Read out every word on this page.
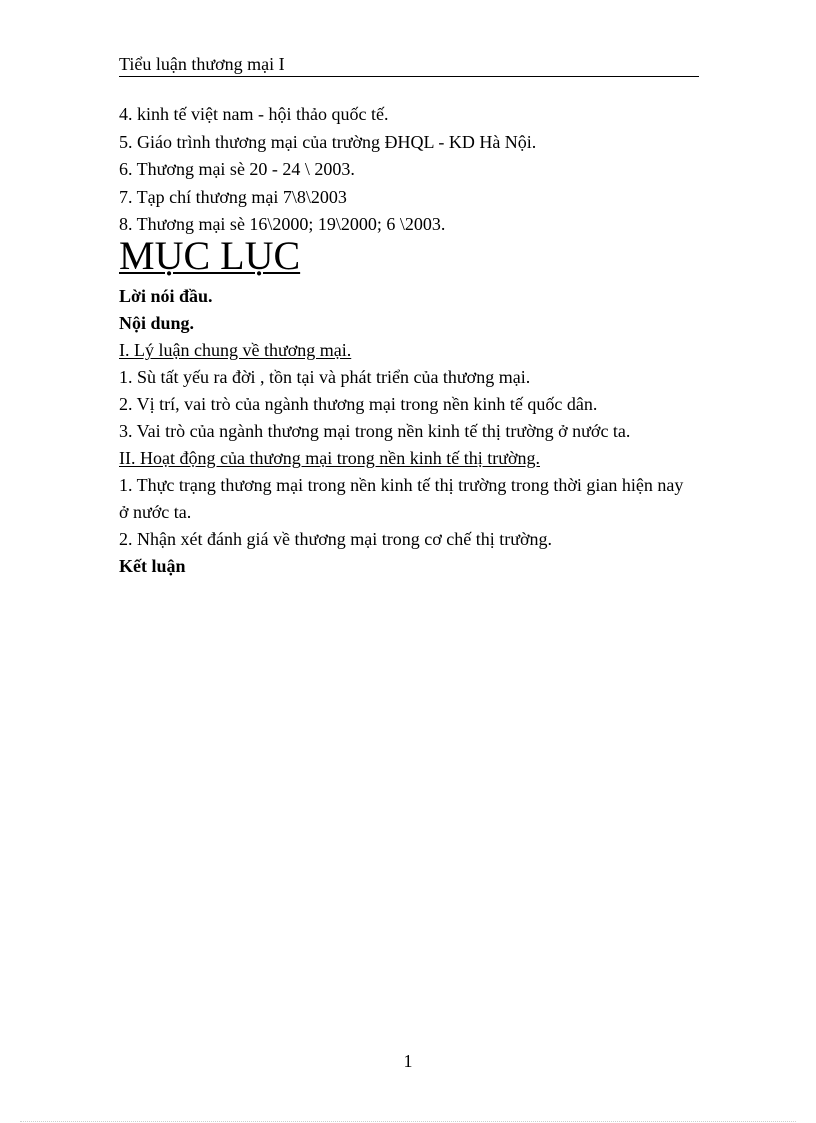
Tiểu luận thương mại I
4. kinh tế việt nam - hội thảo quốc tế.
5. Giáo trình thương mại của trường ĐHQL - KD Hà Nội.
6. Thương mại sè 20 - 24 \ 2003.
7. Tạp chí thương mại 7\8\2003
8. Thương mại sè 16\2000; 19\2000; 6 \2003.
MỤC LỤC
Lời nói đầu.
Nội dung.
I. Lý luận chung về thương mại.
1. Sù tất yếu ra đời , tồn tại và phát triển của thương mại.
2. Vị trí, vai trò của ngành thương mại trong nền kinh tế quốc dân.
3. Vai trò của ngành thương mại trong nền kinh tế thị trường ở nước ta.
II. Hoạt động của thương mại trong nền kinh tế thị trường.
1. Thực trạng thương mại trong nền kinh tế thị trường trong thời gian hiện nay ở nước ta.
2. Nhận xét đánh giá về thương mại trong cơ chế thị trường.
Kết luận
1
